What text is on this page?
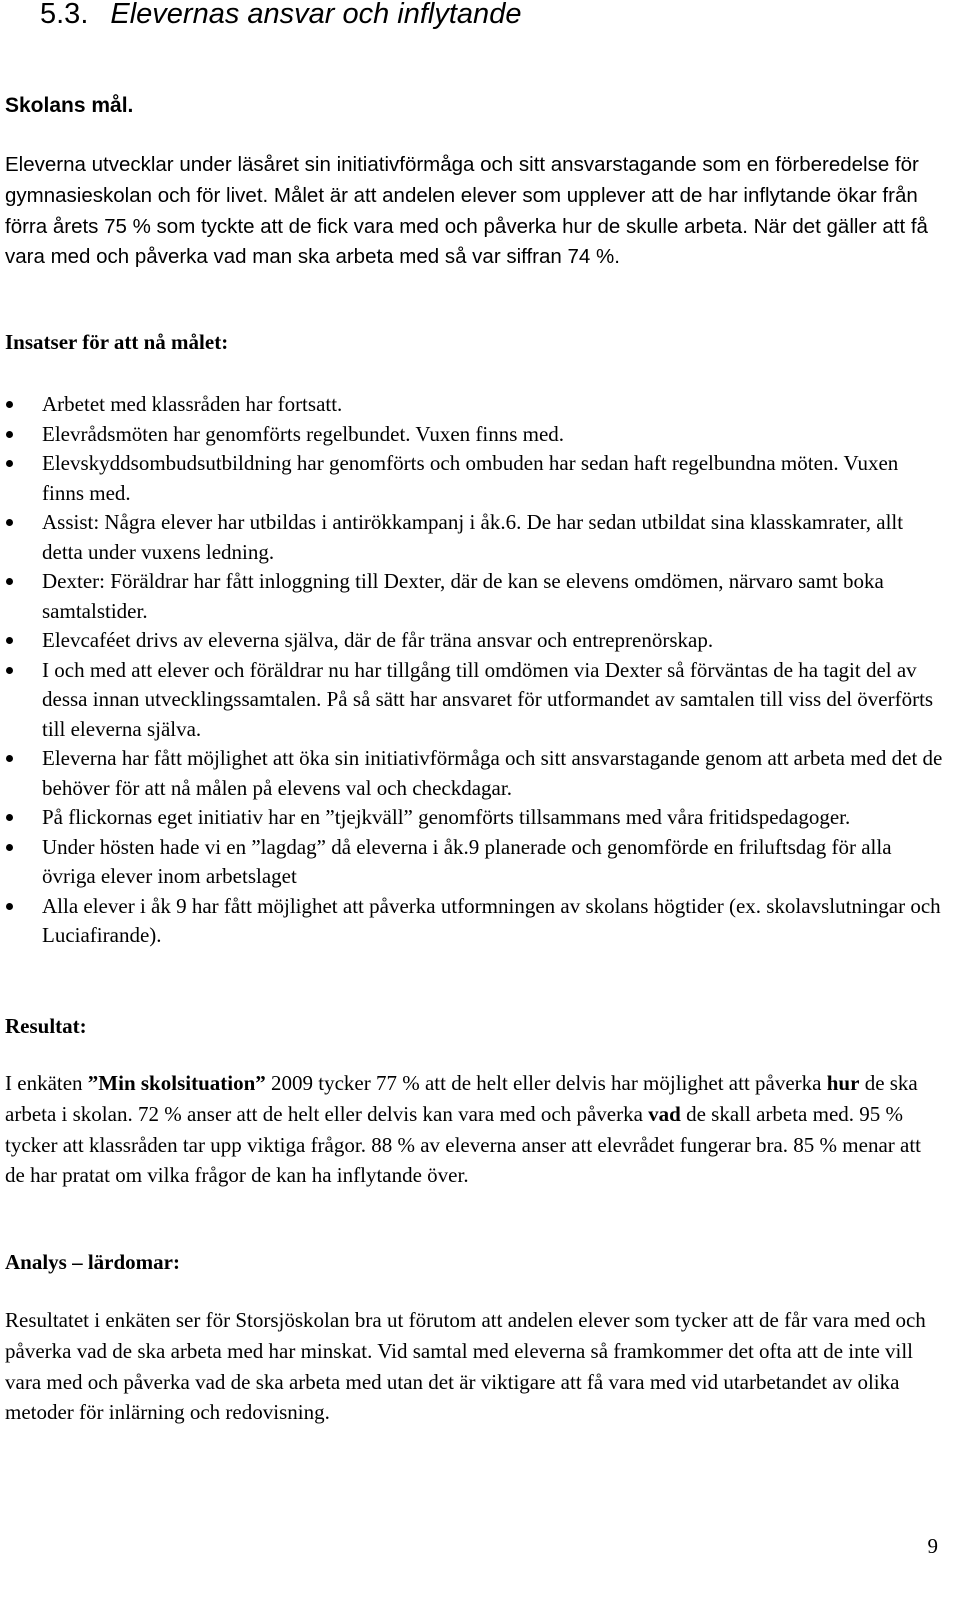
5.3. Elevernas ansvar och inflytande
Skolans mål.

Eleverna utvecklar under läsåret sin initiativförmåga och sitt ansvarstagande som en förberedelse för gymnasieskolan och för livet. Målet är att andelen elever som upplever att de har inflytande ökar från förra årets 75 % som tyckte att de fick vara med och påverka hur de skulle arbeta. När det gäller att få vara med och påverka vad man ska arbeta med så var siffran 74 %.

Insatser för att nå målet:
Arbetet med klassråden har fortsatt.
Elevrådsmöten har genomförts regelbundet. Vuxen finns med.
Elevskyddsombudsutbildning har genomförts och ombuden har sedan haft regelbundna möten. Vuxen finns med.
Assist: Några elever har utbildas i antirökkampanj i åk.6. De har sedan utbildat sina klasskamrater, allt detta under vuxens ledning.
Dexter: Föräldrar har fått inloggning till Dexter, där de kan se elevens omdömen, närvaro samt boka samtalstider.
Elevcaféet drivs av eleverna själva, där de får träna ansvar och entreprenörskap.
I och med att elever och föräldrar nu har tillgång till omdömen via Dexter så förväntas de ha tagit del av dessa innan utvecklingssamtalen. På så sätt har ansvaret för utformandet av samtalen till viss del överförts till eleverna själva.
Eleverna har fått möjlighet att öka sin initiativförmåga och sitt ansvarstagande genom att arbeta med det de behöver för att nå målen på elevens val och checkdagar.
På flickornas eget initiativ har en ”tjejkväll” genomförts tillsammans med våra fritidspedagoger.
Under hösten hade vi en ”lagdag” då eleverna i åk.9 planerade och genomförde en friluftsdag för alla övriga elever inom arbetslaget
Alla elever i åk 9 har fått möjlighet att påverka utformningen av skolans högtider (ex. skolavslutningar och Luciafirande).
Resultat:

I enkäten ”Min skolsituation” 2009 tycker 77 % att de helt eller delvis har möjlighet att påverka hur de ska arbeta i skolan. 72 % anser att de helt eller delvis kan vara med och påverka vad de skall arbeta med. 95 % tycker att klassråden tar upp viktiga frågor. 88 % av eleverna anser att elevrådet fungerar bra. 85 % menar att de har pratat om vilka frågor de kan ha inflytande över.

Analys – lärdomar:

Resultatet i enkäten ser för Storsjöskolan bra ut förutom att andelen elever som tycker att de får vara med och påverka vad de ska arbeta med har minskat. Vid samtal med eleverna så framkommer det ofta att de inte vill vara med och påverka vad de ska arbeta med utan det är viktigare att få vara med vid utarbetandet av olika metoder för inlärning och redovisning.

9
